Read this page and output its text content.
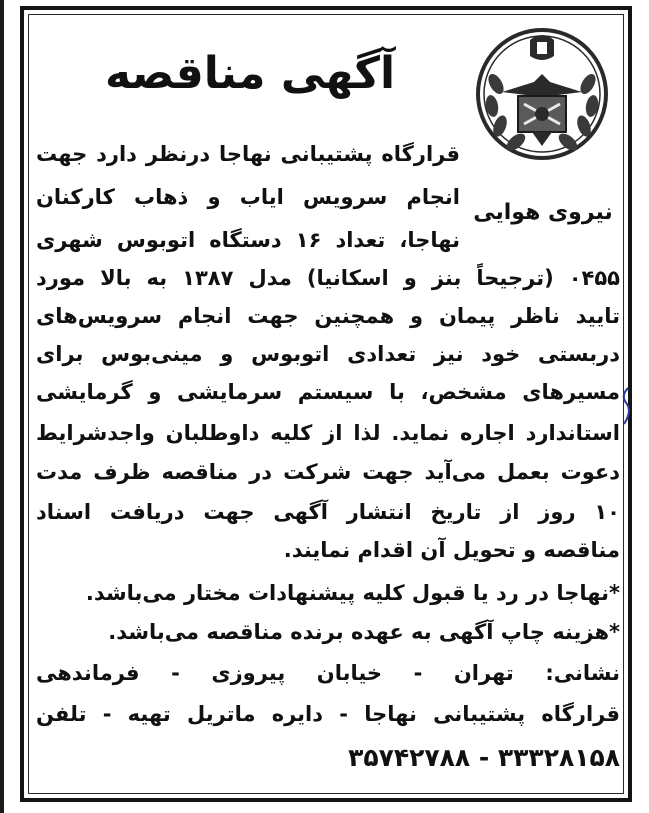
آگهی مناقصه
نیروی هوایی
قرارگاه پشتیبانی نهاجا درنظر دارد جهت
انجام سرویس ایاب و ذهاب کارکنان
نهاجا، تعداد ۱۶ دستگاه اتوبوس شهری
۰۴۵۵ (ترجیحاً بنز و اسکانیا) مدل ۱۳۸۷ به بالا مورد
تایید ناظر پیمان و همچنین جهت انجام سرویس‌های
دربستی خود نیز تعدادی اتوبوس و مینی‌بوس برای
مسیرهای مشخص، با سیستم سرمایشی و گرمایشی
استاندارد اجاره نماید. لذا از کلیه داوطلبان واجدشرایط
دعوت بعمل می‌آید جهت شرکت در مناقصه ظرف مدت
۱۰ روز از تاریخ انتشار آگهی جهت دریافت اسناد
مناقصه و تحویل آن اقدام نمایند.
*نهاجا در رد یا قبول کلیه پیشنهادات مختار می‌باشد.
*هزینه چاپ آگهی به عهده برنده مناقصه می‌باشد.
نشانی: تهران - خیابان پیروزی - فرماندهی
قرارگاه پشتیبانی نهاجا - دایره ماتریل تهیه - تلفن
۳۵۷۴۲۷۸۸ - ۳۳۳۲۸۱۵۸
